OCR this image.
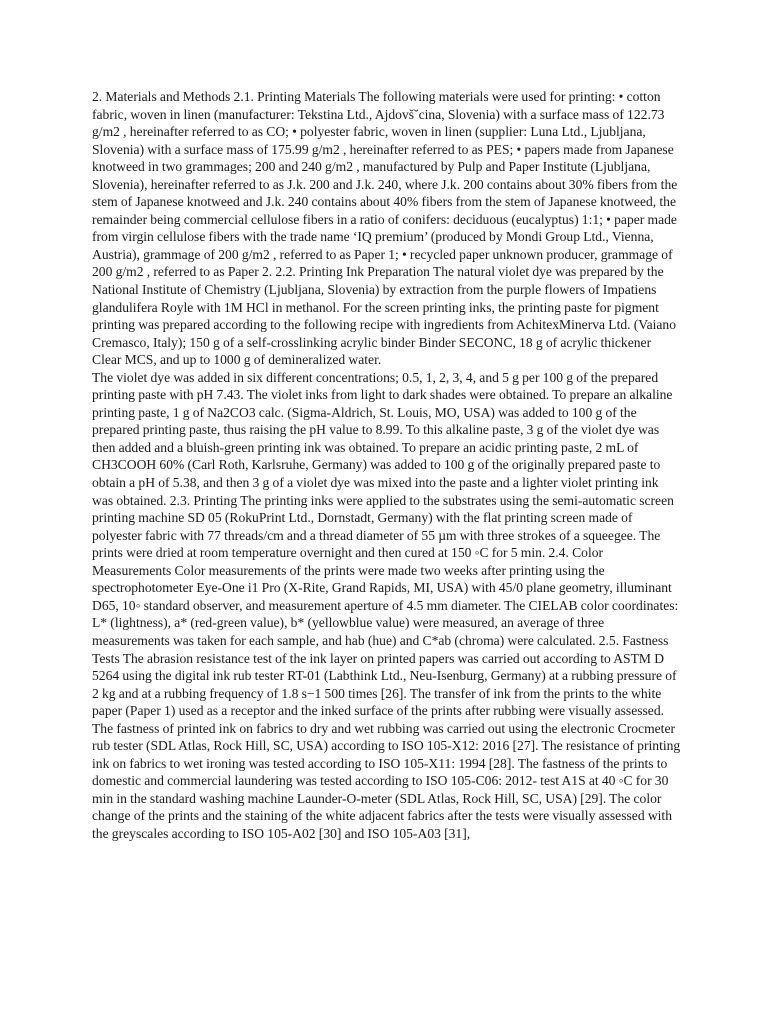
2. Materials and Methods 2.1. Printing Materials The following materials were used for printing: • cotton fabric, woven in linen (manufacturer: Tekstina Ltd., Ajdovš˘cina, Slovenia) with a surface mass of 122.73 g/m2 , hereinafter referred to as CO; • polyester fabric, woven in linen (supplier: Luna Ltd., Ljubljana, Slovenia) with a surface mass of 175.99 g/m2 , hereinafter referred to as PES; • papers made from Japanese knotweed in two grammages; 200 and 240 g/m2 , manufactured by Pulp and Paper Institute (Ljubljana, Slovenia), hereinafter referred to as J.k. 200 and J.k. 240, where J.k. 200 contains about 30% fibers from the stem of Japanese knotweed and J.k. 240 contains about 40% fibers from the stem of Japanese knotweed, the remainder being commercial cellulose fibers in a ratio of conifers: deciduous (eucalyptus) 1:1; • paper made from virgin cellulose fibers with the trade name ‘IQ premium’ (produced by Mondi Group Ltd., Vienna, Austria), grammage of 200 g/m2 , referred to as Paper 1; • recycled paper unknown producer, grammage of 200 g/m2 , referred to as Paper 2. 2.2. Printing Ink Preparation The natural violet dye was prepared by the National Institute of Chemistry (Ljubljana, Slovenia) by extraction from the purple flowers of Impatiens glandulifera Royle with 1M HCl in methanol. For the screen printing inks, the printing paste for pigment printing was prepared according to the following recipe with ingredients from AchitexMinerva Ltd. (Vaiano Cremasco, Italy); 150 g of a self-crosslinking acrylic binder Binder SECONC, 18 g of acrylic thickener Clear MCS, and up to 1000 g of demineralized water.

The violet dye was added in six different concentrations; 0.5, 1, 2, 3, 4, and 5 g per 100 g of the prepared printing paste with pH 7.43. The violet inks from light to dark shades were obtained. To prepare an alkaline printing paste, 1 g of Na2CO3 calc. (Sigma-Aldrich, St. Louis, MO, USA) was added to 100 g of the prepared printing paste, thus raising the pH value to 8.99. To this alkaline paste, 3 g of the violet dye was then added and a bluish-green printing ink was obtained. To prepare an acidic printing paste, 2 mL of CH3COOH 60% (Carl Roth, Karlsruhe, Germany) was added to 100 g of the originally prepared paste to obtain a pH of 5.38, and then 3 g of a violet dye was mixed into the paste and a lighter violet printing ink was obtained. 2.3. Printing The printing inks were applied to the substrates using the semi-automatic screen printing machine SD 05 (RokuPrint Ltd., Dornstadt, Germany) with the flat printing screen made of polyester fabric with 77 threads/cm and a thread diameter of 55 µm with three strokes of a squeegee. The prints were dried at room temperature overnight and then cured at 150 ◦C for 5 min. 2.4. Color Measurements Color measurements of the prints were made two weeks after printing using the spectrophotometer Eye-One i1 Pro (X-Rite, Grand Rapids, MI, USA) with 45/0 plane geometry, illuminant D65, 10◦ standard observer, and measurement aperture of 4.5 mm diameter. The CIELAB color coordinates: L* (lightness), a* (red-green value), b* (yellowblue value) were measured, an average of three measurements was taken for each sample, and hab (hue) and C*ab (chroma) were calculated. 2.5. Fastness Tests The abrasion resistance test of the ink layer on printed papers was carried out according to ASTM D 5264 using the digital ink rub tester RT-01 (Labthink Ltd., Neu-Isenburg, Germany) at a rubbing pressure of 2 kg and at a rubbing frequency of 1.8 s−1 500 times [26]. The transfer of ink from the prints to the white paper (Paper 1) used as a receptor and the inked surface of the prints after rubbing were visually assessed. The fastness of printed ink on fabrics to dry and wet rubbing was carried out using the electronic Crocmeter rub tester (SDL Atlas, Rock Hill, SC, USA) according to ISO 105-X12: 2016 [27]. The resistance of printing ink on fabrics to wet ironing was tested according to ISO 105-X11: 1994 [28]. The fastness of the prints to domestic and commercial laundering was tested according to ISO 105-C06: 2012- test A1S at 40 ◦C for 30 min in the standard washing machine Launder-O-meter (SDL Atlas, Rock Hill, SC, USA) [29]. The color change of the prints and the staining of the white adjacent fabrics after the tests were visually assessed with the greyscales according to ISO 105-A02 [30] and ISO 105-A03 [31],
